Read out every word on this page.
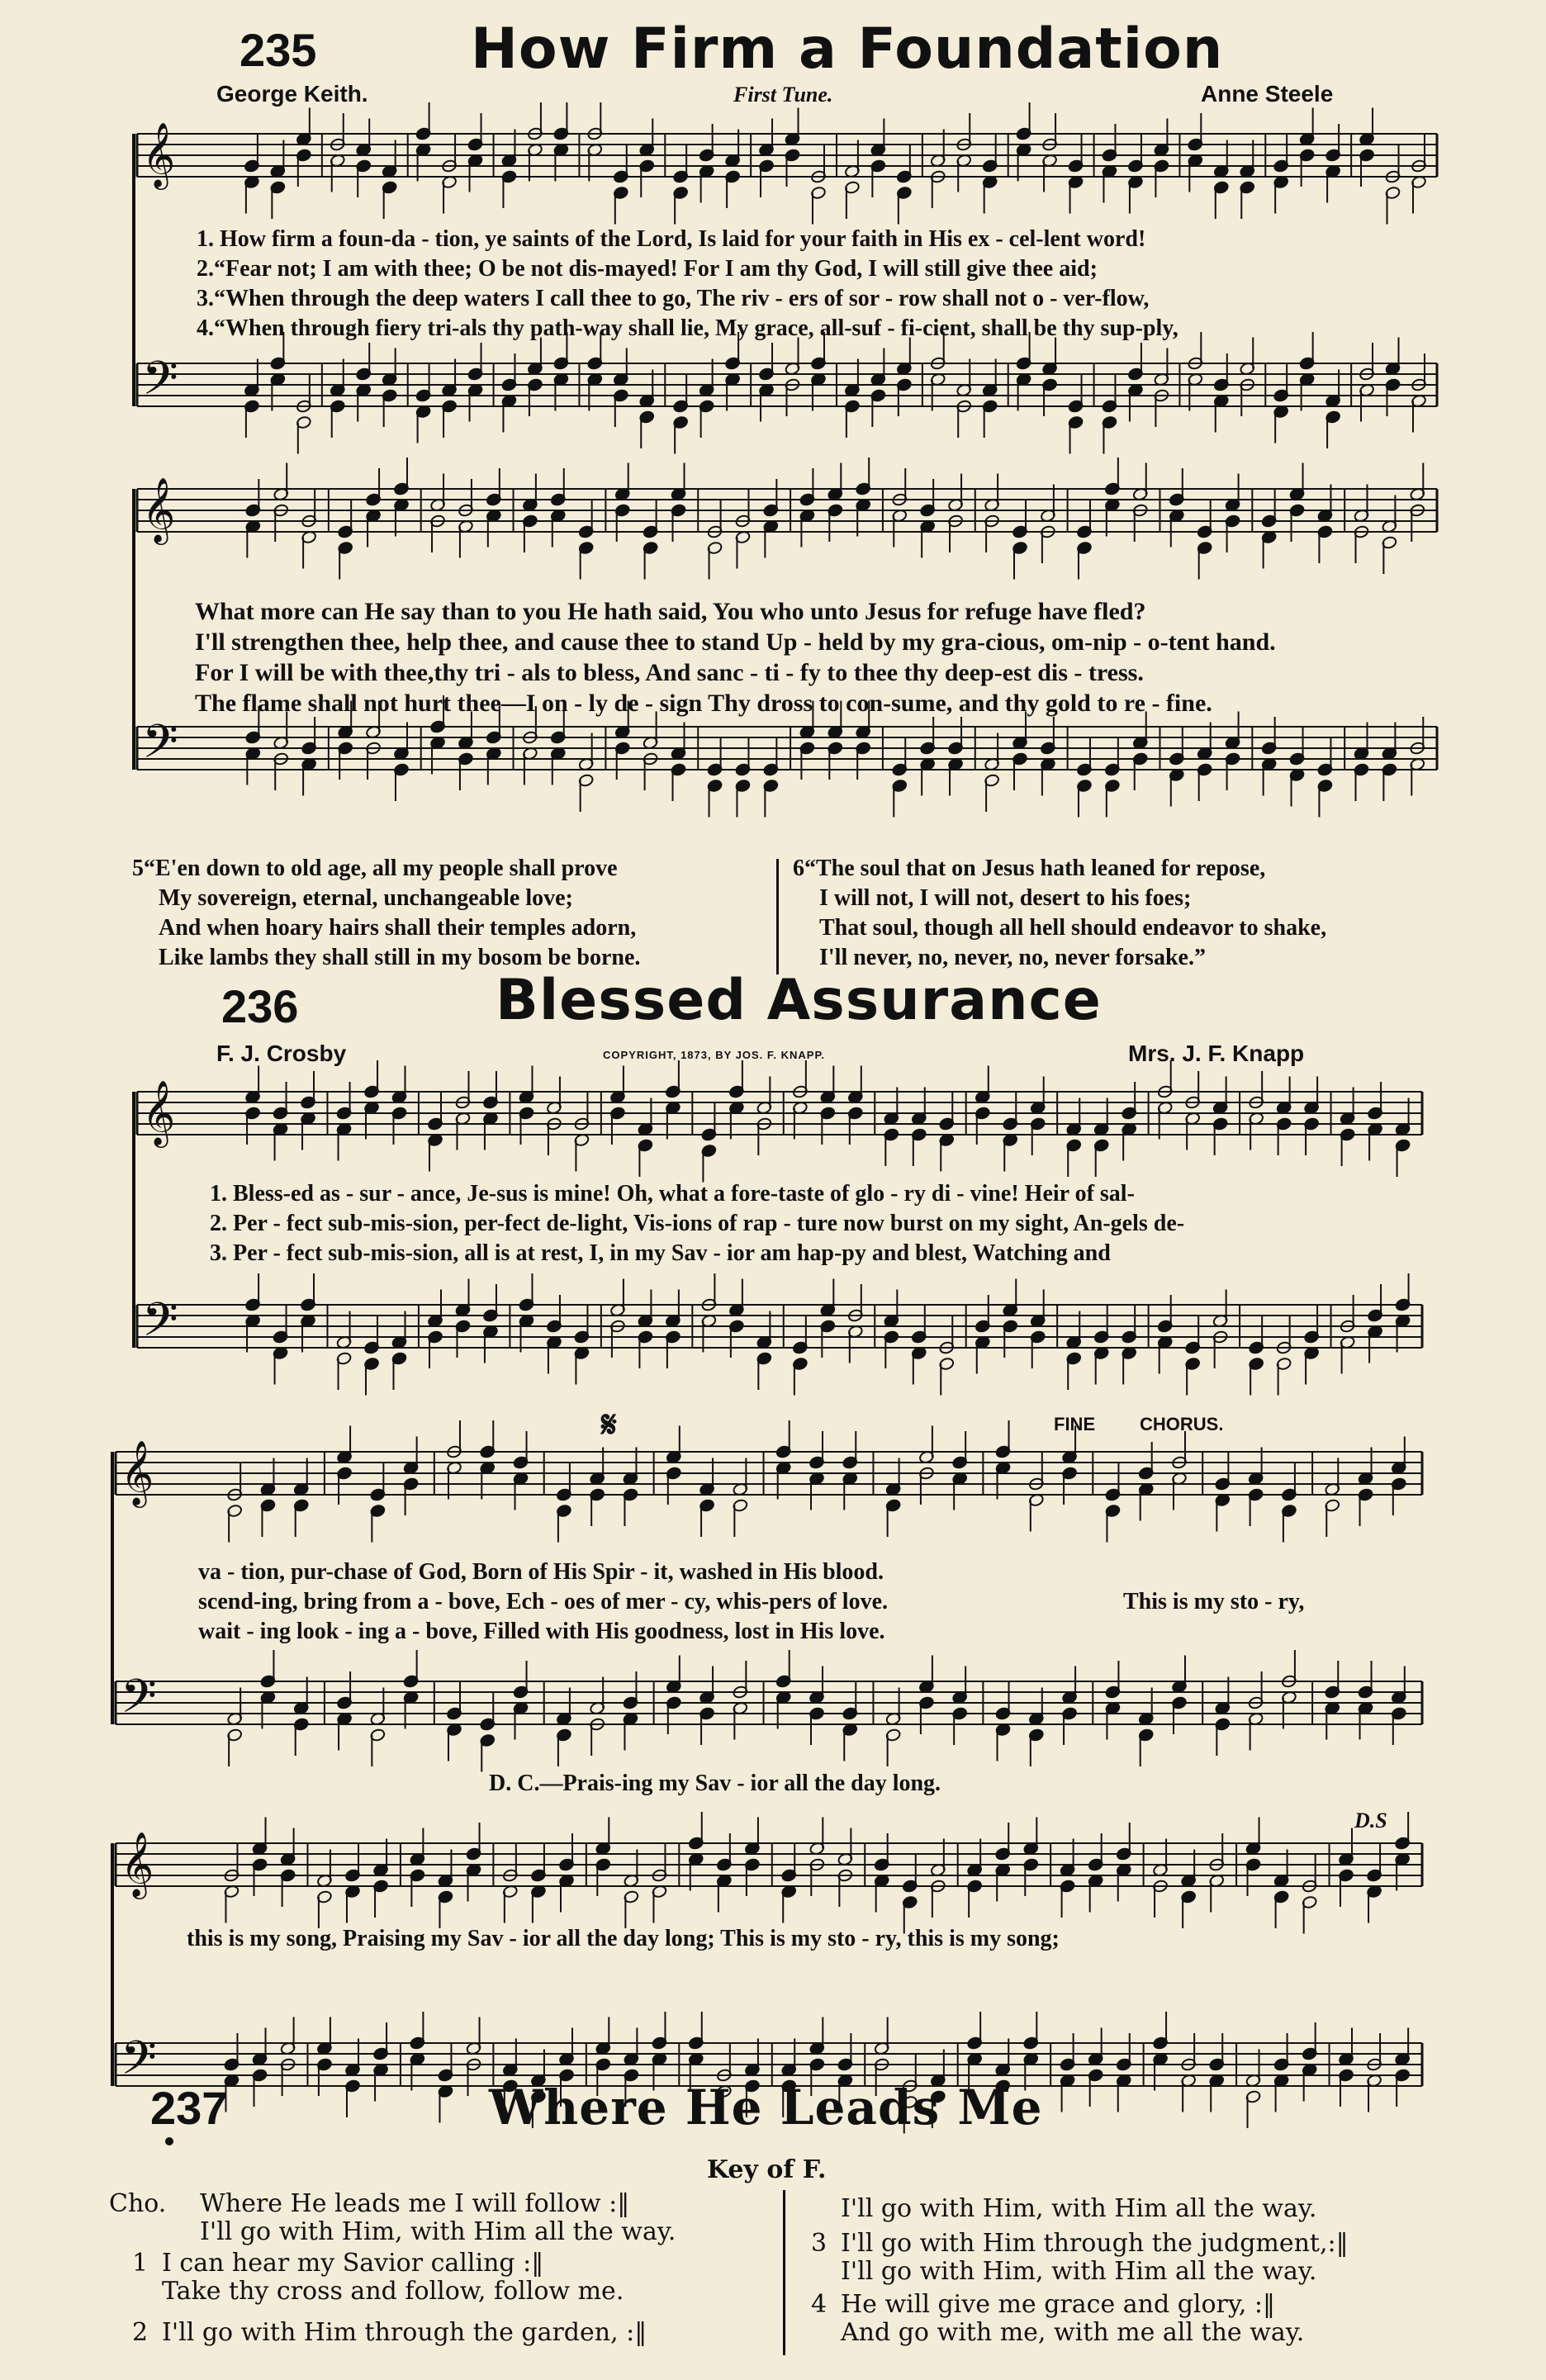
𝄞
𝄢
𝄞
𝄢
𝄞
𝄢
𝄞
𝄢
𝄞
𝄢
235	How Firm a Foundation
George Keith.	First Tune.	Anne Steele
1. How firm a foun-da - tion, ye saints of the Lord, Is laid for your faith in His ex - cel-lent word!
2.“Fear not; I am with thee; O be not dis-mayed! For I am thy God, I will still give thee aid;
3.“When through the deep waters I call thee to go, The riv - ers of sor - row shall not o - ver-flow,
4.“When through fiery tri-als thy path-way shall lie, My grace, all-suf - fi-cient, shall be thy sup-ply,
What more can He say than to you He hath said, You who unto Jesus for refuge have fled?
I'll strengthen thee, help thee, and cause thee to stand Up - held by my gra-cious, om-nip - o-tent hand.
For I will be with thee,thy tri - als to bless, And sanc - ti - fy to thee thy deep-est dis - tress.
The flame shall not hurt thee—I on - ly de - sign Thy dross to con-sume, and thy gold to re - fine.
5“E'en down to old age, all my people shall prove
My sovereign, eternal, unchangeable love;
And when hoary hairs shall their temples adorn,
Like lambs they shall still in my bosom be borne.
6“The soul that on Jesus hath leaned for repose,
I will not, I will not, desert to his foes;
That soul, though all hell should endeavor to shake,
I'll never, no, never, no, never forsake.”
236	Blessed Assurance
F. J. Crosby	COPYRIGHT, 1873, BY JOS. F. KNAPP.	Mrs. J. F. Knapp
1. Bless-ed as - sur - ance, Je-sus is mine! Oh, what a fore-taste of glo - ry di - vine! Heir of sal-
2. Per - fect sub-mis-sion, per-fect de-light, Vis-ions of rap - ture now burst on my sight, An-gels de-
3. Per - fect sub-mis-sion, all is at rest, I, in my Sav - ior am hap-py and blest, Watching and
𝄋	FINE CHORUS.
va - tion, pur-chase of God, Born of His Spir - it, washed in His blood.
scend-ing, bring from a - bove, Ech - oes of mer - cy, whis-pers of love.
wait - ing look - ing a - bove, Filled with His goodness, lost in His love.
This is my sto - ry,
D. C.—Prais-ing my Sav - ior all the day long.
D.S
this is my song, Praising my Sav - ior all the day long; This is my sto - ry, this is my song;
237	Where He Leads Me
Key of F.
Cho. Where He leads me I will follow :‖
I'll go with Him, with Him all the way.
1 I can hear my Savior calling :‖
Take thy cross and follow, follow me.
2 I'll go with Him through the garden, :‖
I'll go with Him, with Him all the way.
3 I'll go with Him through the judgment,:‖
I'll go with Him, with Him all the way.
4 He will give me grace and glory, :‖
And go with me, with me all the way.
